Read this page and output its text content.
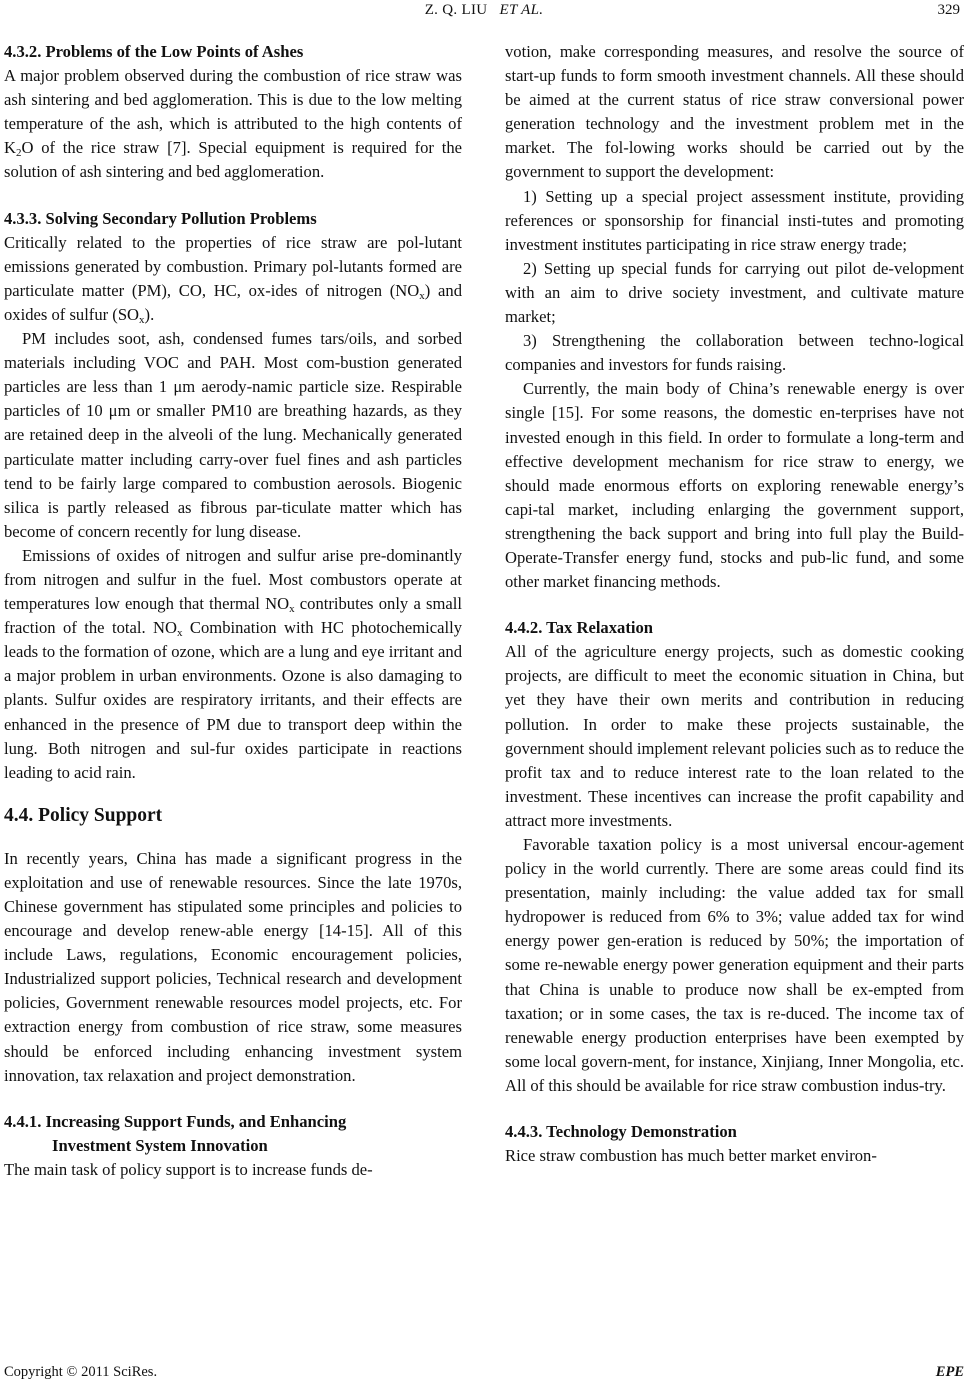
Z. Q. LIU ET AL.	329
4.3.2. Problems of the Low Points of Ashes

A major problem observed during the combustion of rice straw was ash sintering and bed agglomeration. This is due to the low melting temperature of the ash, which is attributed to the high contents of $K_2O$ of the rice straw [7]. Special equipment is required for the solution of ash sintering and bed agglomeration.

4.3.3. Solving Secondary Pollution Problems

Critically related to the properties of rice straw are pol-lutant emissions generated by combustion. Primary pol-lutants formed are particulate matter (PM), CO, HC, ox-ides of nitrogen $(NO_x)$ and oxides of sulfur $(SO_x)$.

PM includes soot, ash, condensed fumes tars/oils, and sorbed materials including VOC and PAH. Most com-bustion generated particles are less than 1 μm aerody-namic particle size. Respirable particles of 10 μm or smaller PM10 are breathing hazards, as they are retained deep in the alveoli of the lung. Mechanically generated particulate matter including carry-over fuel fines and ash particles tend to be fairly large compared to combustion aerosols. Biogenic silica is partly released as fibrous par-ticulate matter which has become of concern recently for lung disease.

Emissions of oxides of nitrogen and sulfur arise pre-dominantly from nitrogen and sulfur in the fuel. Most combustors operate at temperatures low enough that thermal $NO_x$ contributes only a small fraction of the total. $NO_x$ Combination with HC photochemically leads to the formation of ozone, which are a lung and eye irritant and a major problem in urban environments. Ozone is also damaging to plants. Sulfur oxides are respiratory irritants, and their effects are enhanced in the presence of PM due to transport deep within the lung. Both nitrogen and sul-fur oxides participate in reactions leading to acid rain.

4.4. Policy Support

In recently years, China has made a significant progress in the exploitation and use of renewable resources. Since the late 1970s, Chinese government has stipulated some principles and policies to encourage and develop renew-able energy [14-15]. All of this include Laws, regulations, Economic encouragement policies, Industrialized support policies, Technical research and development policies, Government renewable resources model projects, etc. For extraction energy from combustion of rice straw, some measures should be enforced including enhancing investment system innovation, tax relaxation and project demonstration.

4.4.1. Increasing Support Funds, and Enhancing
Investment System Innovation

The main task of policy support is to increase funds de-

votion, make corresponding measures, and resolve the source of start-up funds to form smooth investment channels. All these should be aimed at the current status of rice straw conversional power generation technology and the investment problem met in the market. The fol-lowing works should be carried out by the government to support the development:

1) Setting up a special project assessment institute, providing references or sponsorship for financial insti-tutes and promoting investment institutes participating in rice straw energy trade;

2) Setting up special funds for carrying out pilot de-velopment with an aim to drive society investment, and cultivate mature market;

3) Strengthening the collaboration between techno-logical companies and investors for funds raising.

Currently, the main body of China’s renewable energy is over single [15]. For some reasons, the domestic en-terprises have not invested enough in this field. In order to formulate a long-term and effective development mechanism for rice straw to energy, we should made enormous efforts on exploring renewable energy’s capi-tal market, including enlarging the government support, strengthening the back support and bring into full play the Build-Operate-Transfer energy fund, stocks and pub-lic fund, and some other market financing methods.

4.4.2. Tax Relaxation

All of the agriculture energy projects, such as domestic cooking projects, are difficult to meet the economic situation in China, but yet they have their own merits and contribution in reducing pollution. In order to make these projects sustainable, the government should implement relevant policies such as to reduce the profit tax and to reduce interest rate to the loan related to the investment. These incentives can increase the profit capability and attract more investments.

Favorable taxation policy is a most universal encour-agement policy in the world currently. There are some areas could find its presentation, mainly including: the value added tax for small hydropower is reduced from 6% to 3%; value added tax for wind energy power gen-eration is reduced by 50%; the importation of some re-newable energy power generation equipment and their parts that China is unable to produce now shall be ex-empted from taxation; or in some cases, the tax is re-duced. The income tax of renewable energy production enterprises have been exempted by some local govern-ment, for instance, Xinjiang, Inner Mongolia, etc. All of this should be available for rice straw combustion indus-try.

4.4.3. Technology Demonstration

Rice straw combustion has much better market environ-

Copyright © 2011 SciRes.	EPE
